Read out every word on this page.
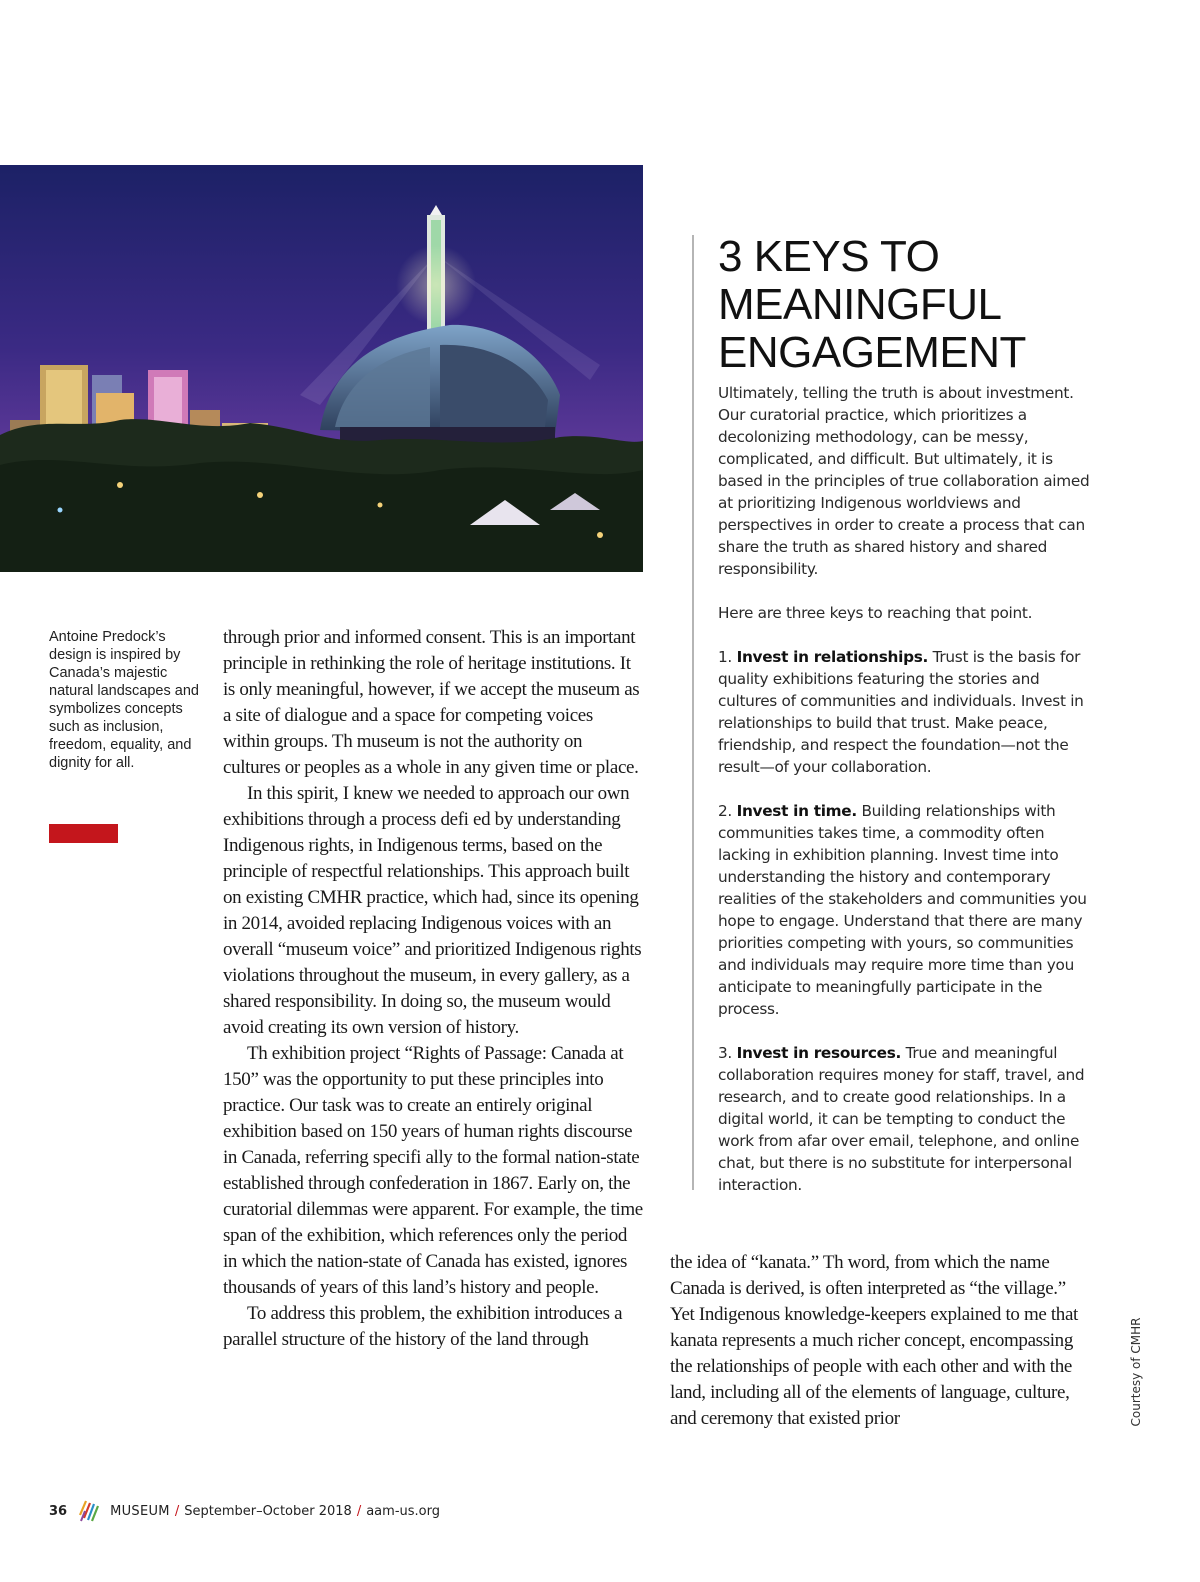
3 KEYS TO
MEANINGFUL
ENGAGEMENT

Ultimately, telling the truth is about investment. Our curatorial practice, which prioritizes a decolonizing methodology, can be messy, complicated, and difficult. But ultimately, it is based in the principles of true collaboration aimed at prioritizing Indigenous worldviews and perspectives in order to create a process that can share the truth as shared history and shared responsibility.

Here are three keys to reaching that point.

1. Invest in relationships. Trust is the basis for quality exhibitions featuring the stories and cultures of communities and individuals. Invest in relationships to build that trust. Make peace, friendship, and respect the foundation—not the result—of your collaboration.

2. Invest in time. Building relationships with communities takes time, a commodity often lacking in exhibition planning. Invest time into understanding the history and contemporary realities of the stakeholders and communities you hope to engage. Understand that there are many priorities competing with yours, so communities and individuals may require more time than you anticipate to meaningfully participate in the process.

3. Invest in resources. True and meaningful collaboration requires money for staff, travel, and research, and to create good relationships. In a digital world, it can be tempting to conduct the work from afar over email, telephone, and online chat, but there is no substitute for interpersonal interaction.

Antoine Predock’s design is inspired by Canada’s majestic natural landscapes and symbolizes concepts such as inclusion, freedom, equality, and dignity for all.

through prior and informed consent. This is an important principle in rethinking the role of heritage institutions. It is only meaningful, however, if we accept the museum as a site of dialogue and a space for competing voices within groups. Th museum is not the authority on cultures or peoples as a whole in any given time or place.

In this spirit, I knew we needed to approach our own exhibitions through a process defi ed by understanding Indigenous rights, in Indigenous terms, based on the principle of respectful relationships. This approach built on existing CMHR practice, which had, since its opening in 2014, avoided replacing Indigenous voices with an overall “museum voice” and prioritized Indigenous rights violations throughout the museum, in every gallery, as a shared responsibility. In doing so, the museum would avoid creating its own version of history.

Th exhibition project “Rights of Passage: Canada at 150” was the opportunity to put these principles into practice. Our task was to create an entirely original exhibition based on 150 years of human rights discourse in Canada, referring specifi ally to the formal nation-state established through confederation in 1867. Early on, the curatorial dilemmas were apparent. For example, the time span of the exhibition, which references only the period in which the nation-state of Canada has existed, ignores thousands of years of this land’s history and people.

To address this problem, the exhibition introduces a parallel structure of the history of the land through

the idea of “kanata.” Th word, from which the name Canada is derived, is often interpreted as “the village.” Yet Indigenous knowledge-keepers explained to me that kanata represents a much richer concept, encompassing the relationships of people with each other and with the land, including all of the elements of language, culture, and ceremony that existed prior	Courtesy of CMHR

36	MUSEUM / September–October 2018 / aam-us.org
